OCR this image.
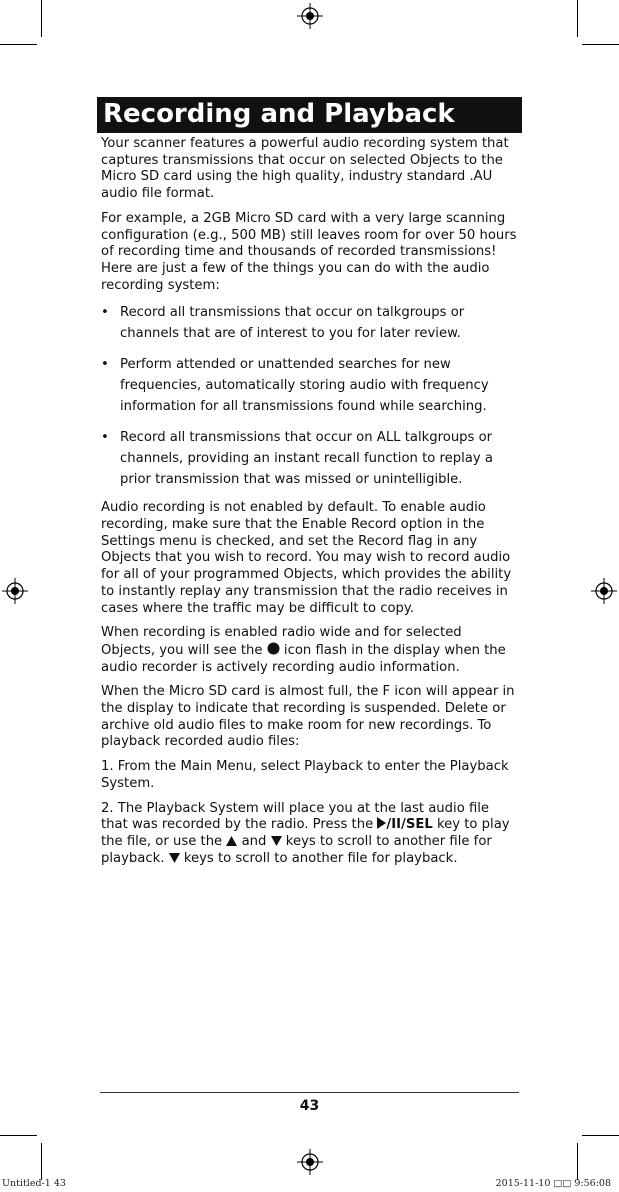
Recording and Playback

Your scanner features a powerful audio recording system that captures transmissions that occur on selected Objects to the Micro SD card using the high quality, industry standard .AU audio file format.

For example, a 2GB Micro SD card with a very large scanning configuration (e.g., 500 MB) still leaves room for over 50 hours of recording time and thousands of recorded transmissions! Here are just a few of the things you can do with the audio recording system:

• Record all transmissions that occur on talkgroups or channels that are of interest to you for later review.
• Perform attended or unattended searches for new frequencies, automatically storing audio with frequency information for all transmissions found while searching.
• Record all transmissions that occur on ALL talkgroups or channels, providing an instant recall function to replay a prior transmission that was missed or unintelligible.

Audio recording is not enabled by default. To enable audio recording, make sure that the Enable Record option in the Settings menu is checked, and set the Record flag in any Objects that you wish to record. You may wish to record audio for all of your programmed Objects, which provides the ability to instantly replay any transmission that the radio receives in cases where the traffic may be difficult to copy.

When recording is enabled radio wide and for selected Objects, you will see the  icon flash in the display when the audio recorder is actively recording audio information.

When the Micro SD card is almost full, the F icon will appear in the display to indicate that recording is suspended. Delete or archive old audio files to make room for new recordings. To playback recorded audio files:

1. From the Main Menu, select Playback to enter the Playback System.

2. The Playback System will place you at the last audio file that was recorded by the radio. Press the /II/SEL key to play the file, or use the  and  keys to scroll to another file for playback.  keys to scroll to another file for playback.

43
Untitled-1 43	2015-11-10 □□ 9:56:08
